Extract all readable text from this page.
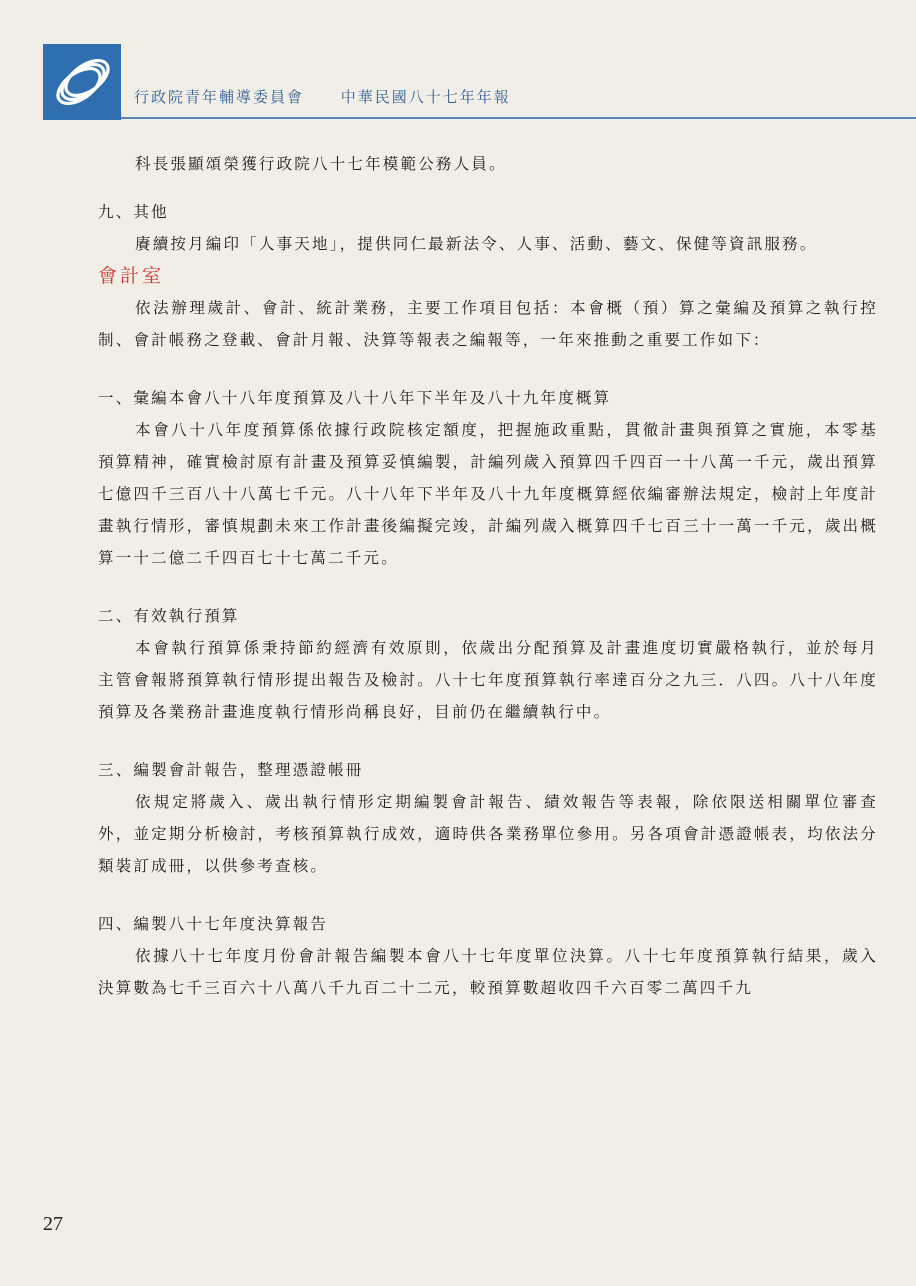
行政院青年輔導委員會 中華民國八十七年年報

科長張顯頌榮獲行政院八十七年模範公務人員。

九、其他

賡續按月編印「人事天地」，提供同仁最新法令、人事、活動、藝文、保健等資訊服務。

會計室

依法辦理歲計、會計、統計業務，主要工作項目包括：本會概（預）算之彙編及預算之執行控制、會計帳務之登載、會計月報、決算等報表之編報等，一年來推動之重要工作如下：

一、彙編本會八十八年度預算及八十八年下半年及八十九年度概算

本會八十八年度預算係依據行政院核定額度，把握施政重點，貫徹計畫與預算之實施，本零基預算精神，確實檢討原有計畫及預算妥慎編製，計編列歲入預算四千四百一十八萬一千元，歲出預算七億四千三百八十八萬七千元。八十八年下半年及八十九年度概算經依編審辦法規定，檢討上年度計畫執行情形，審慎規劃未來工作計畫後編擬完竣，計編列歲入概算四千七百三十一萬一千元，歲出概算一十二億二千四百七十七萬二千元。

二、有效執行預算

本會執行預算係秉持節約經濟有效原則，依歲出分配預算及計畫進度切實嚴格執行，並於每月主管會報將預算執行情形提出報告及檢討。八十七年度預算執行率達百分之九三．八四。八十八年度預算及各業務計畫進度執行情形尚稱良好，目前仍在繼續執行中。

三、編製會計報告，整理憑證帳冊

依規定將歲入、歲出執行情形定期編製會計報告、績效報告等表報，除依限送相關單位審查外，並定期分析檢討，考核預算執行成效，適時供各業務單位參用。另各項會計憑證帳表，均依法分類裝訂成冊，以供參考查核。

四、編製八十七年度決算報告

依據八十七年度月份會計報告編製本會八十七年度單位決算。八十七年度預算執行結果，歲入決算數為七千三百六十八萬八千九百二十二元，較預算數超收四千六百零二萬四千九

27
